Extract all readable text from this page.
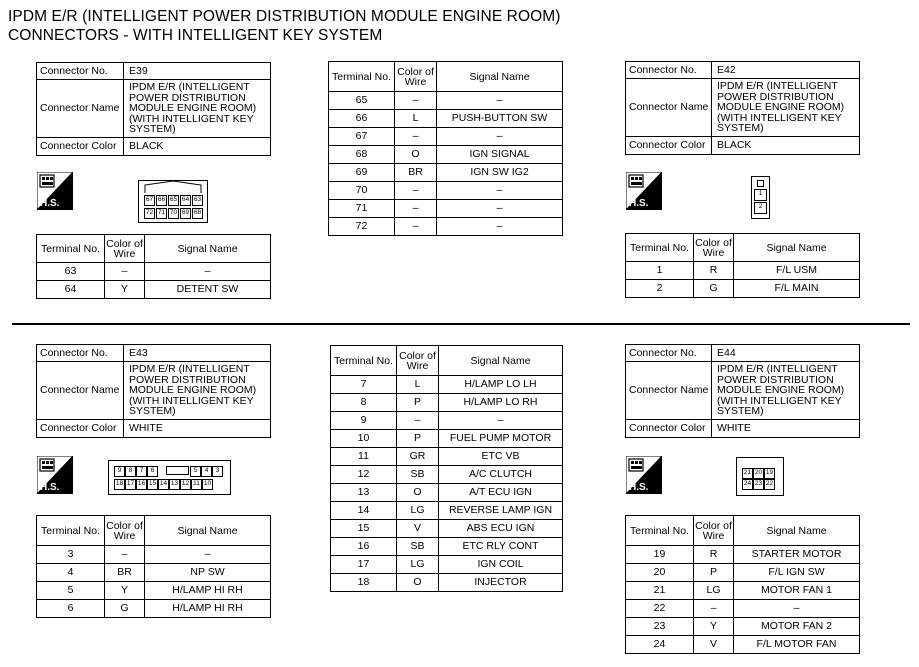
IPDM E/R (INTELLIGENT POWER DISTRIBUTION MODULE ENGINE ROOM)
CONNECTORS - WITH INTELLIGENT KEY SYSTEM
Connector No.	E39
Connector Name	IPDM E/R (INTELLIGENT POWER DISTRIBUTION MODULE ENGINE ROOM) (WITH INTELLIGENT KEY SYSTEM)
Connector Color	BLACK
H.S.	67 66 65 64 63
72 71 70 69 68
Terminal No.	Color of Wire	Signal Name
63	–	–
64	Y	DETENT SW
Terminal No.	Color of Wire	Signal Name
65	–	–
66	L	PUSH-BUTTON SW
67	–	–
68	O	IGN SIGNAL
69	BR	IGN SW IG2
70	–	–
71	–	–
72	–	–
Connector No.	E42
Connector Name	IPDM E/R (INTELLIGENT POWER DISTRIBUTION MODULE ENGINE ROOM) (WITH INTELLIGENT KEY SYSTEM)
Connector Color	BLACK
H.S.
1
2
Terminal No.	Color of Wire	Signal Name
1	R	F/L USM
2	G	F/L MAIN
Connector No.	E43
Connector Name	IPDM E/R (INTELLIGENT POWER DISTRIBUTION MODULE ENGINE ROOM) (WITH INTELLIGENT KEY SYSTEM)
Connector Color	WHITE
H.S.
9	8	7	6	5	4	3
18 17 16 15 14 13 12 11 10
Terminal No.	Color of Wire	Signal Name
3	–	–
4	BR	NP SW
5	Y	H/LAMP HI RH
6	G	H/LAMP HI RH
Terminal No.	Color of Wire	Signal Name
7	L	H/LAMP LO LH
8	P	H/LAMP LO RH
9	–	–
10	P	FUEL PUMP MOTOR
11	GR	ETC VB
12	SB	A/C CLUTCH
13	O	A/T ECU IGN
14	LG	REVERSE LAMP IGN
15	V	ABS ECU IGN
16	SB	ETC RLY CONT
17	LG	IGN COIL
18	O	INJECTOR
Connector No.	E44
Connector Name	IPDM E/R (INTELLIGENT POWER DISTRIBUTION MODULE ENGINE ROOM) (WITH INTELLIGENT KEY SYSTEM)
Connector Color	WHITE
H.S.
21 20 19
24 23 22
Terminal No.	Color of Wire	Signal Name
19	R	STARTER MOTOR
20	P	F/L IGN SW
21	LG	MOTOR FAN 1
22	–	–
23	Y	MOTOR FAN 2
24	V	F/L MOTOR FAN
